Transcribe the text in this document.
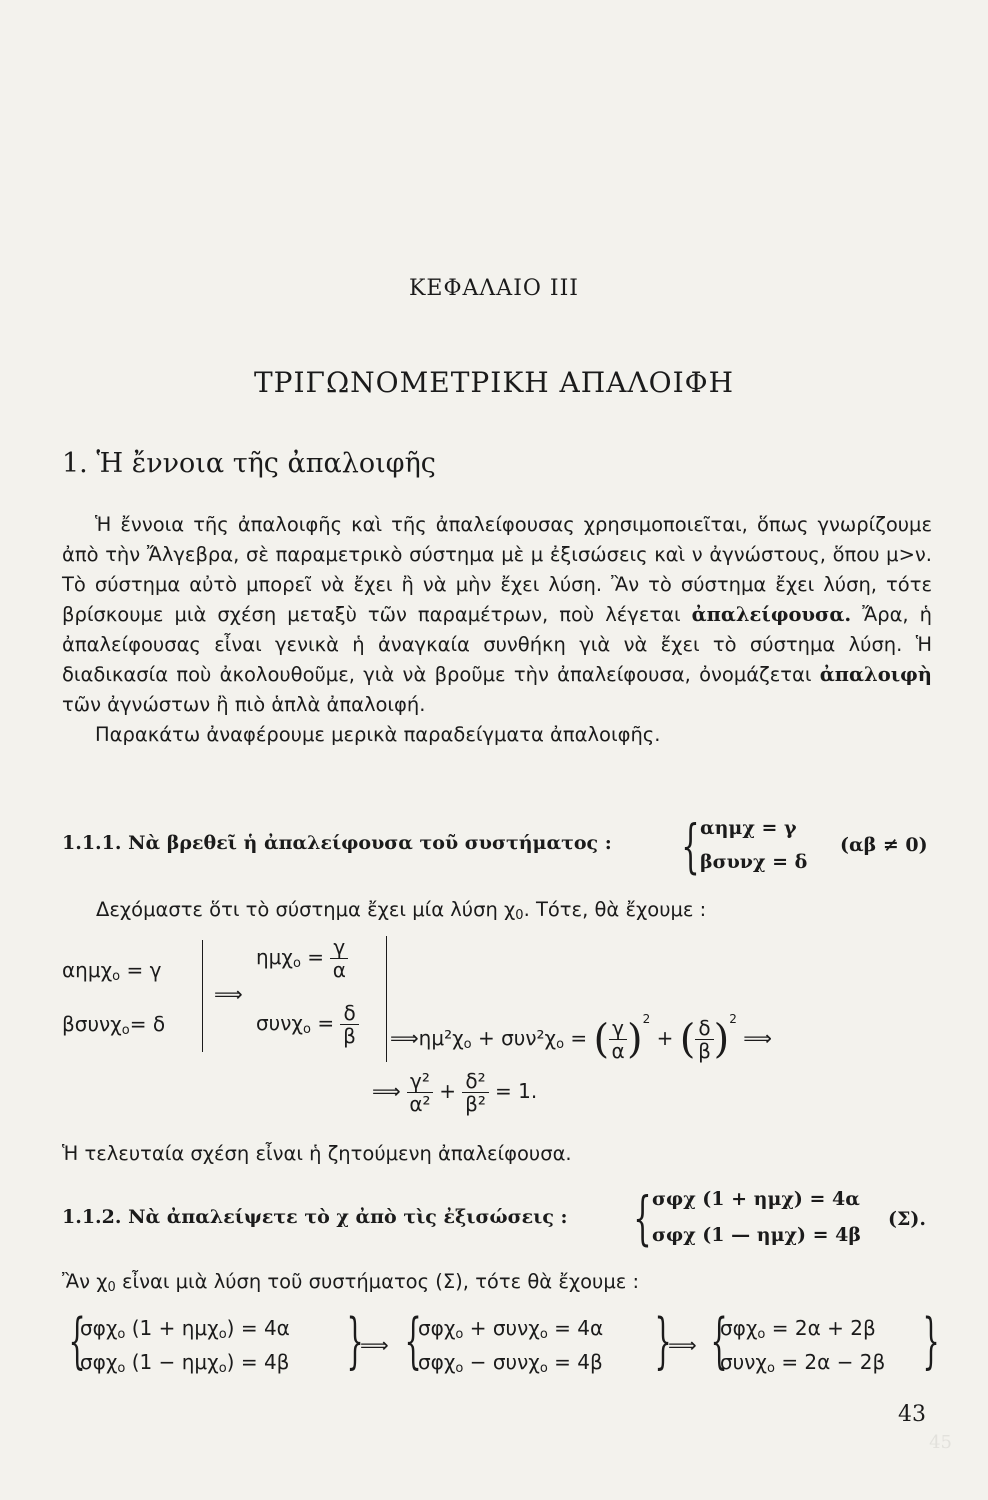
ΚΕΦΑΛΑΙΟ ΙΙΙ
ΤΡΙΓΩΝΟΜΕΤΡΙΚΗ ΑΠΑΛΟΙΦΗ
1. Ἡ ἔννοια τῆς ἀπαλοιφῆς

Ἡ ἔννοια τῆς ἀπαλοιφῆς καὶ τῆς ἀπαλείφουσας χρησιμοποιεῖται, ὅπως γνωρίζουμε ἀπὸ τὴν Ἄλγεβρα, σὲ παραμετρικὸ σύστημα μὲ μ ἐξισώσεις καὶ ν ἀγνώστους, ὅπου μ>ν. Τὸ σύστημα αὐτὸ μπορεῖ νὰ ἔχει ἢ νὰ μὴν ἔχει λύση. Ἂν τὸ σύστημα ἔχει λύση, τότε βρίσκουμε μιὰ σχέση μεταξὺ τῶν παραμέτρων, ποὺ λέγεται ἀπαλείφουσα. Ἄρα, ἡ ἀπαλείφουσας εἶναι γενικὰ ἡ ἀναγκαία συνθήκη γιὰ νὰ ἔχει τὸ σύστημα λύση. Ἡ διαδικασία ποὺ ἀκολουθοῦμε, γιὰ νὰ βροῦμε τὴν ἀπαλείφουσα, ὀνομάζεται ἀπαλοιφὴ τῶν ἀγνώστων ἢ πιὸ ἁπλὰ ἀπαλοιφή.

Παρακάτω ἀναφέρουμε μερικὰ παραδείγματα ἀπαλοιφῆς.

1.1.1. Νὰ βρεθεῖ ἡ ἀπαλείφουσα τοῦ συστήματος : { αημχ = γ
βσυνχ = δ
(αβ ≠ 0)
Δεχόμαστε ὅτι τὸ σύστημα ἔχει μία λύση $\chi_0$. Τότε, θὰ ἔχουμε :
αημχ$_o$ = γ
βσυνχ$_o$= δ
⟹
$\eta\mu\chi_o = \frac{\gamma}{\alpha}$
$\sigma\upsilon\nu\chi_o = \frac{\delta}{\beta}$ $⟹\eta\mu^2\chi_o + \sigma\upsilon\nu^2\chi_o$ = ( $\frac{\gamma}{\alpha} )^2$ + ( $\frac{\delta}{\beta} )^2$ ⟹
⟹ $\frac{\text{γ²}}{\text{α²}} + \frac{\text{δ²}}{\text{β²}} = 1$.
Ἡ τελευταία σχέση εἶναι ἡ ζητούμενη ἀπαλείφουσα.
1.1.2. Νὰ ἀπαλείψετε τὸ χ ἀπὸ τὶς ἐξισώσεις : { σφχ (1 + ημχ) = 4α
σφχ (1 — ημχ) = 4β
(Σ).
Ἂν $\chi_0$ εἶναι μιὰ λύση τοῦ συστήματος (Σ), τότε θὰ ἔχουμε :
{
σφχ$_o$ (1 + ημχ$_o$) = 4α
σφχ$_o$ (1 − ημχ$_o$) = 4β }
⟹ {
σφχ$_o$ + συνχ$_o$ = 4α
σφχ$_o$ − συνχ$_o$ = 4β }
⟹ {
σφχ$_o$ = 2α + 2β
συνχ$_o$ = 2α − 2β }
43
45
